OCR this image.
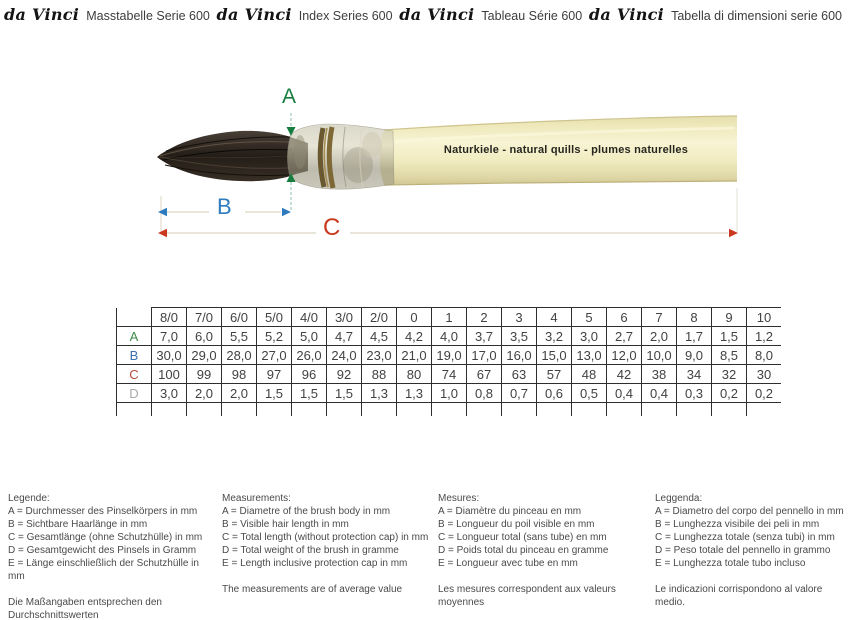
da Vinci Masstabelle Serie 600 da Vinci Index Series 600 da Vinci Tableau Série 600 da Vinci Tabella di dimensioni serie 600
A
B
C
Naturkiele - natural quills - plumes naturelles
	8/0	7/0	6/0	5/0	4/0	3/0	2/0	0	1	2	3	4	5	6	7	8	9	10
A	7,0	6,0	5,5	5,2	5,0	4,7	4,5	4,2	4,0	3,7	3,5	3,2	3,0	2,7	2,0	1,7	1,5	1,2
B	30,0	29,0	28,0	27,0	26,0	24,0	23,0	21,0	19,0	17,0	16,0	15,0	13,0	12,0	10,0	9,0	8,5	8,0
C	100	99	98	97	96	92	88	80	74	67	63	57	48	42	38	34	32	30
D	3,0	2,0	2,0	1,5	1,5	1,5	1,3	1,3	1,0	0,8	0,7	0,6	0,5	0,4	0,4	0,3	0,2	0,2

Legende:
A = Durchmesser des Pinselkörpers in mm
B = Sichtbare Haarlänge in mm
C = Gesamtlänge (ohne Schutzhülle) in mm
D = Gesamtgewicht des Pinsels in Gramm
E = Länge einschließlich der Schutzhülle in mm
Die Maßangaben entsprechen den Durchschnittswerten
Measurements:
A = Diametre of the brush body in mm
B = Visible hair length in mm
C = Total length (without protection cap) in mm
D = Total weight of the brush in gramme
E = Length inclusive protection cap in mm
The measurements are of average value
Mesures:
A = Diamètre du pinceau en mm
B = Longueur du poil visible en mm
C = Longueur total (sans tube) en mm
D = Poids total du pinceau en gramme
E = Longueur avec tube en mm
Les mesures correspondent aux valeurs moyennes
Leggenda:
A = Diametro del corpo del pennello in mm
B = Lunghezza visibile dei peli in mm
C = Lunghezza totale (senza tubi) in mm
D = Peso totale del pennello in grammo
E = Lunghezza totale tubo incluso
Le indicazioni corrispondono al valore medio.
